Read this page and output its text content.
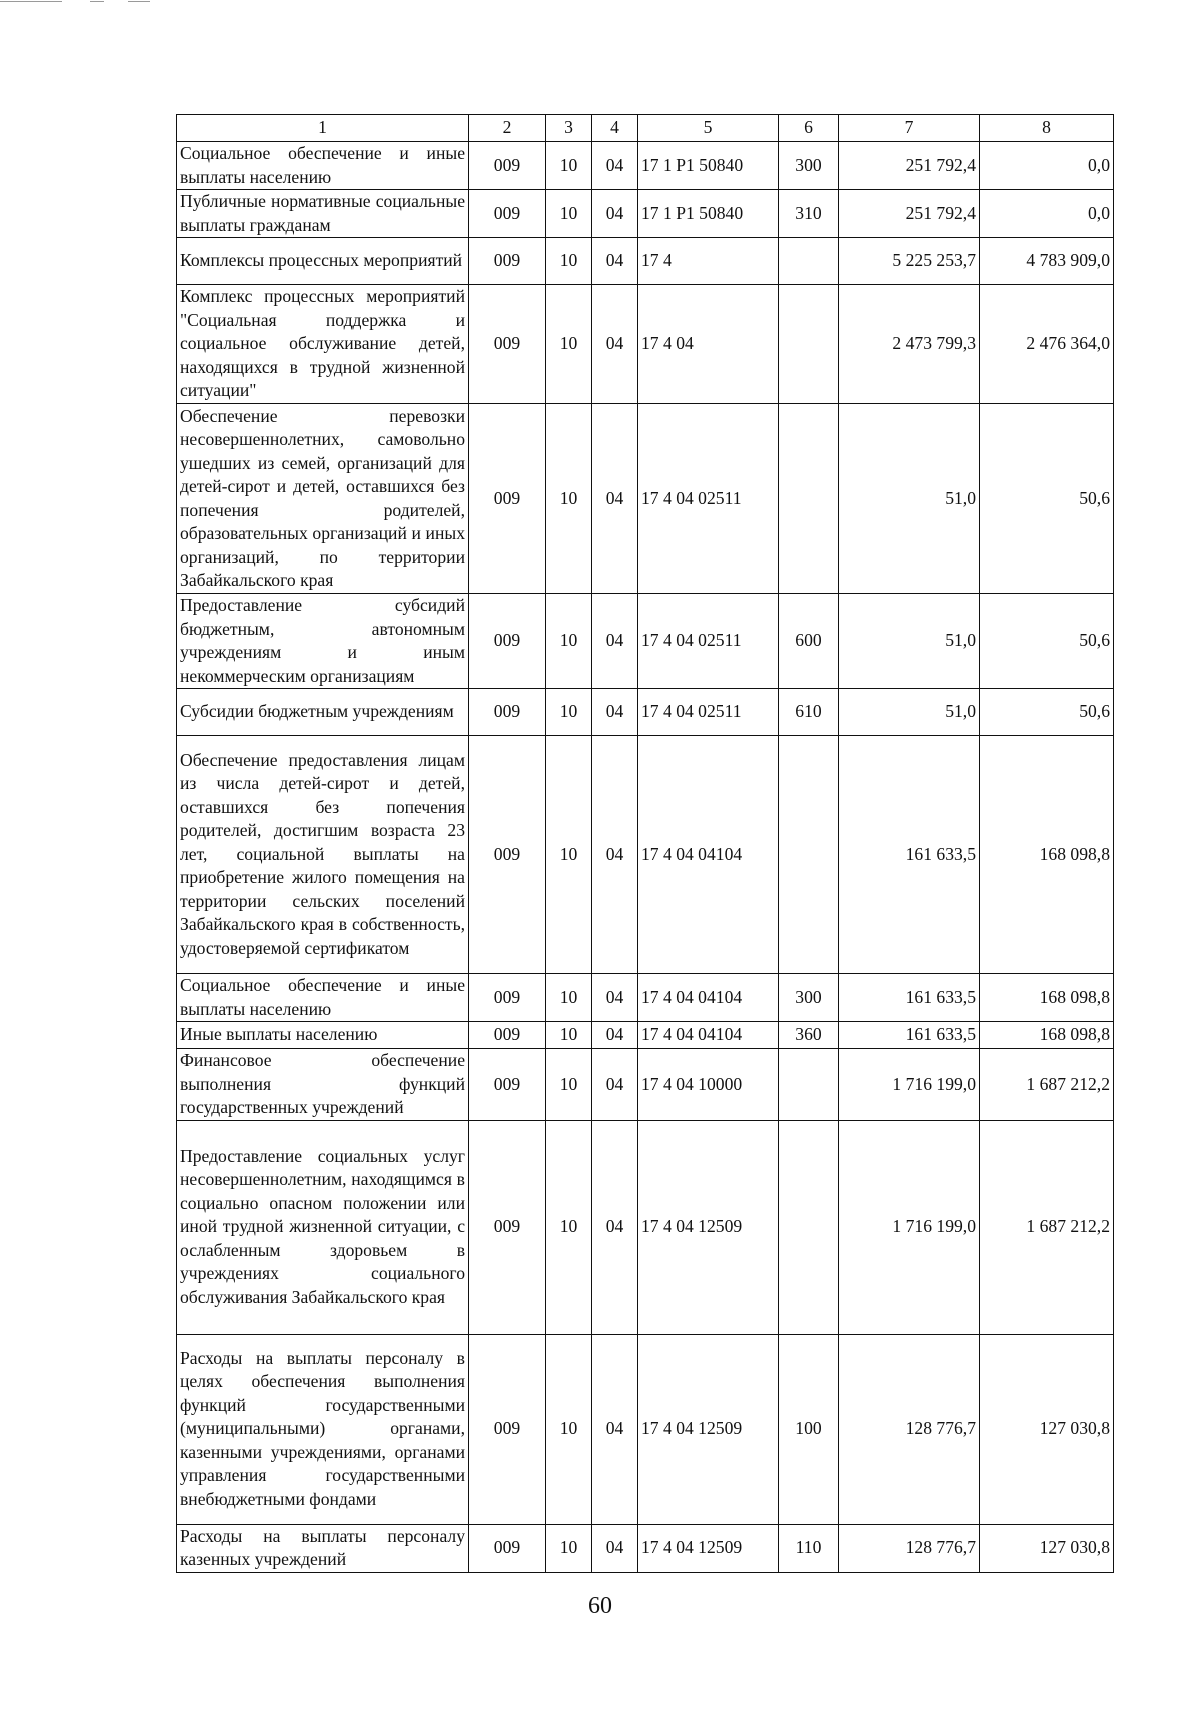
1	2	3	4	5	6	7	8
Социальное обеспечение и иные выплаты населению	009	10	04	17 1 Р1 50840	300	251 792,4	0,0
Публичные нормативные социальные выплаты гражданам	009	10	04	17 1 Р1 50840	310	251 792,4	0,0
Комплексы процессных мероприятий	009	10	04	17 4		5 225 253,7	4 783 909,0
Комплекс процессных мероприятий "Социальная поддержка и социальное обслуживание детей, находящихся в трудной жизненной ситуации"	009	10	04	17 4 04		2 473 799,3	2 476 364,0
Обеспечение перевозки несовершеннолетних, самовольно ушедших из семей, организаций для детей-сирот и детей, оставшихся без попечения родителей, образовательных организаций и иных организаций, по территории Забайкальского края	009	10	04	17 4 04 02511		51,0	50,6
Предоставление субсидий бюджетным, автономным учреждениям и иным некоммерческим организациям	009	10	04	17 4 04 02511	600	51,0	50,6
Субсидии бюджетным учреждениям	009	10	04	17 4 04 02511	610	51,0	50,6
Обеспечение предоставления лицам из числа детей-сирот и детей, оставшихся без попечения родителей, достигшим возраста 23 лет, социальной выплаты на приобретение жилого помещения на территории сельских поселений Забайкальского края в собственность, удостоверяемой сертификатом	009	10	04	17 4 04 04104		161 633,5	168 098,8
Социальное обеспечение и иные выплаты населению	009	10	04	17 4 04 04104	300	161 633,5	168 098,8
Иные выплаты населению	009	10	04	17 4 04 04104	360	161 633,5	168 098,8
Финансовое обеспечение выполнения функций государственных учреждений	009	10	04	17 4 04 10000		1 716 199,0	1 687 212,2
Предоставление социальных услуг несовершеннолетним, находящимся в социально опасном положении или иной трудной жизненной ситуации, с ослабленным здоровьем в учреждениях социального обслуживания Забайкальского края	009	10	04	17 4 04 12509		1 716 199,0	1 687 212,2
Расходы на выплаты персоналу в целях обеспечения выполнения функций государственными (муниципальными) органами, казенными учреждениями, органами управления государственными внебюджетными фондами	009	10	04	17 4 04 12509	100	128 776,7	127 030,8
Расходы на выплаты персоналу казенных учреждений	009	10	04	17 4 04 12509	110	128 776,7	127 030,8
60
